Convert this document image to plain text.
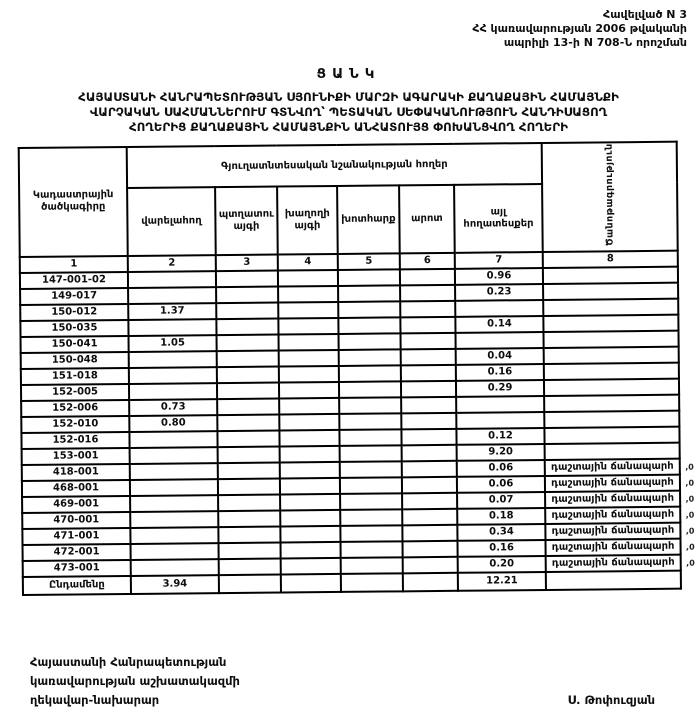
Հավելված N 3
ՀՀ կառավարության 2006 թվականի
ապրիլի 13-ի N 708-Ն որոշման
ՑԱՆԿ
ՀԱՅԱՍՏԱՆԻ ՀԱՆՐԱՊԵՏՈՒԹՅԱՆ ՍՅՈՒՆԻՔԻ ՄԱՐԶԻ ԱԳԱՐԱԿԻ ՔԱՂԱՔԱՅԻՆ ՀԱՄԱՅՆՔԻ
ՎԱՐՉԱԿԱՆ ՍԱՀՄԱՆՆԵՐՈՒՄ ԳՏՆՎՈՂ՝ ՊԵՏԱԿԱՆ ՍԵՓԱԿԱՆՈՒԹՅՈՒՆ ՀԱՆԴԻՍԱՑՈՂ
ՀՈՂԵՐԻՑ ՔԱՂԱՔԱՅԻՆ ՀԱՄԱՅՆՔԻՆ ԱՆՀԱՏՈՒՅՑ ՓՈԽԱՆՑՎՈՂ ՀՈՂԵՐԻ
Կադաստրային ծածկագիրը	Գյուղատնտեսական նշանակության հողեր						Ծանոթագրություն
	վարելահող	պտղատու այգի	խաղողի այգի	խոտհարք	արոտ	այլ հողատեսքեր	
1	2	3	4	5	6	7	8
147-001-02						0.96	
149-017						0.23	
150-012	1.37						
150-035						0.14	
150-041	1.05						
150-048						0.04	
151-018						0.16	
152-005						0.29	
152-006	0.73						
152-010	0.80						
152-016						0.12	
153-001						9.20	
418-001						0.06	դաշտային ճանապարհ ,0

468-001						0.06	դաշտային ճանապարհ ,0

469-001						0.07	դաշտային ճանապարհ ,0

470-001						0.18	դաշտային ճանապարհ ,0

471-001						0.34	դաշտային ճանապարհ ,0

472-001						0.16	դաշտային ճանապարհ ,0

473-001						0.20	դաշտային ճանապարհ ,0

Ընդամենը	3.94					12.21	
Հայաստանի Հանրապետության
կառավարության աշխատակազմի
ղեկավար-նախարար	Ս. Թոփուզյան
